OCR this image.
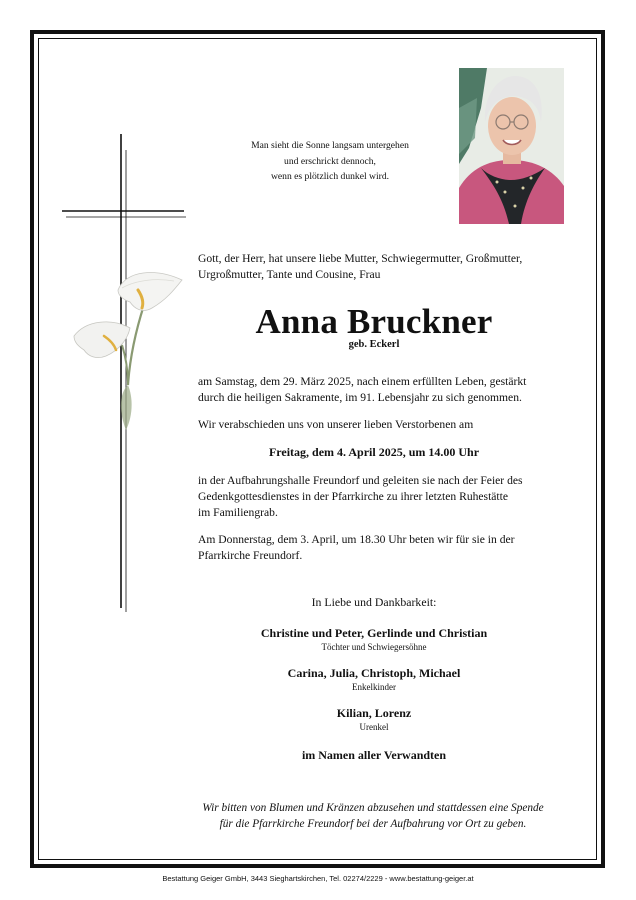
Man sieht die Sonne langsam untergehen
und erschrickt dennoch,
wenn es plötzlich dunkel wird.
Gott, der Herr, hat unsere liebe Mutter, Schwiegermutter, Großmutter,
Urgroßmutter, Tante und Cousine, Frau
Anna Bruckner
geb. Eckerl
am Samstag, dem 29. März 2025, nach einem erfüllten Leben, gestärkt
durch die heiligen Sakramente, im 91. Lebensjahr zu sich genommen.
Wir verabschieden uns von unserer lieben Verstorbenen am
Freitag, dem 4. April 2025, um 14.00 Uhr
in der Aufbahrungshalle Freundorf und geleiten sie nach der Feier des
Gedenkgottesdienstes in der Pfarrkirche zu ihrer letzten Ruhestätte
im Familiengrab.
Am Donnerstag, dem 3. April, um 18.30 Uhr beten wir für sie in der
Pfarrkirche Freundorf.
In Liebe und Dankbarkeit:
Christine und Peter, Gerlinde und Christian
Töchter und Schwiegersöhne
Carina, Julia, Christoph, Michael
Enkelkinder
Kilian, Lorenz
Urenkel
im Namen aller Verwandten
Wir bitten von Blumen und Kränzen abzusehen und stattdessen eine Spende
für die Pfarrkirche Freundorf bei der Aufbahrung vor Ort zu geben.
Bestattung Geiger GmbH, 3443 Sieghartskirchen, Tel. 02274/2229 - www.bestattung-geiger.at
